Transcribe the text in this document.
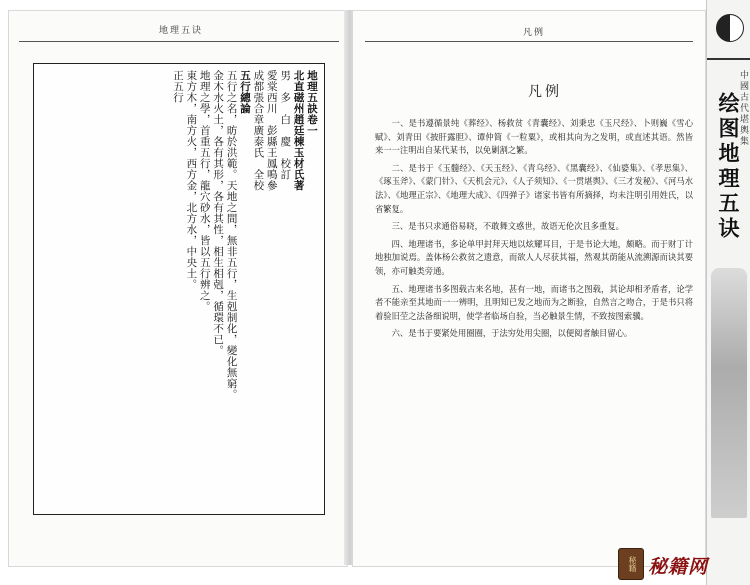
地理五诀

地理五訣卷一

北直磁州趙廷棟玉材氏著

男　多　白　慶　校訂

愛棠西川　彭縣王鳳鳴參

成都張合章廣泰氏　全校

五行總論

五行之名，昉於洪範。天地之間，無非五行，生剋制化，變化無窮。

金木水火土，各有其形，各有其性，相生相剋，循環不已。

地理之學，首重五行，龍穴砂水，皆以五行辨之。

東方木，南方火，西方金，北方水，中央土。

正五行

凡例
凡例

一、是书遵循景纯《葬经》、杨救贫《青囊经》、刘秉忠《玉尺经》、卜则巍《雪心赋》、刘青田《披肝露胆》、谭仲简《一粒粟》，或相其向为之发明，或直述其语。然皆来一一注明出自某代某书，以免剿割之繁。

二、是书于《玉髓经》、《天玉经》、《青乌经》、《黑囊经》、《仙婆集》、《孝思集》、《琢玉斧》、《蒙门针》、《天机会元》、《人子须知》、《一贯堪舆》、《三才发秘》、《河马水法》、《地理正宗》、《地理大成》、《四弹子》诸家书皆有所摘择，均未注明引用姓氏，以省繁复。

三、是书只求通俗易晓，不敢舞文惑世，故语无伦次且多重复。

四、地理诸书，多论单甲封拜天地以炫耀耳目，于是书论大地，颇略。而于财丁计地独加说焉。盖体杨公救贫之遗意，而欲人人尽获其福，然观其荫能从流溯源而诀其要领，亦可触类旁通。

五、地理诸书多图载古来名地，甚有一地，而诸书之图载，其论却相矛盾者，论学者不能亲至其地而一一辨明，且明知已发之地而为之断验，自然言之吻合，于是书只将着验旧茔之法备细说明，使学者临场自验，当必触景生情，不致按图索骥。

六、是书于要紧处用圈圈，于法穷处用尖圈，以便阅者触目留心。

中國古代堪輿集
绘图地理五诀
秘籍 秘籍网
